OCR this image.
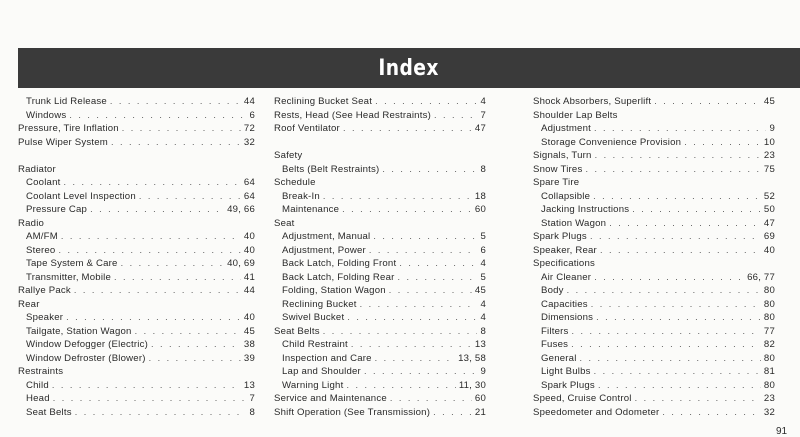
Index
Trunk Lid Release . . .	44
Windows . . .	6
Pressure, Tire Inflation . . .	72
Pulse Wiper System . . .	32
Radiator
Coolant . . .	64
Coolant Level Inspection . . .	64
Pressure Cap . . .	49, 66
Radio
AM/FM . . .	40
Stereo . . .	40
Tape System & Care . . .	40, 69
Transmitter, Mobile . . .	41
Rallye Pack . . .	44
Rear
Speaker . . .	40
Tailgate, Station Wagon . . .	45
Window Defogger (Electric) . . .	38
Window Defroster (Blower) . . .	39
Restraints
Child . . .	13
Head . . .	7
Seat Belts . . .	8
Reclining Bucket Seat . . .	4
Rests, Head (See Head Restraints) . . .	7
Roof Ventilator . . .	47
Safety
Belts (Belt Restraints) . . .	8
Schedule
Break-In . . .	18
Maintenance . . .	60
Seat
Adjustment, Manual . . .	5
Adjustment, Power . . .	6
Back Latch, Folding Front . . .	4
Back Latch, Folding Rear . . .	5
Folding, Station Wagon . . .	45
Reclining Bucket . . .	4
Swivel Bucket . . .	4
Seat Belts . . .	8
Child Restraint . . .	13
Inspection and Care . . .	13, 58
Lap and Shoulder . . .	9
Warning Light . . .	11, 30
Service and Maintenance . . .	60
Shift Operation (See Transmission) . . .	21
Shock Absorbers, Superlift . . .	45
Shoulder Lap Belts
Adjustment . . .	9
Storage Convenience Provision . . .	10
Signals, Turn . . .	23
Snow Tires . . .	75
Spare Tire
Collapsible . . .	52
Jacking Instructions . . .	50
Station Wagon . . .	47
Spark Plugs . . .	69
Speaker, Rear . . .	40
Specifications
Air Cleaner . . .	66, 77
Body . . .	80
Capacities . . .	80
Dimensions . . .	80
Filters . . .	77
Fuses . . .	82
General . . .	80
Light Bulbs . . .	81
Spark Plugs . . .	80
Speed, Cruise Control . . .	23
Speedometer and Odometer . . .	32
91
